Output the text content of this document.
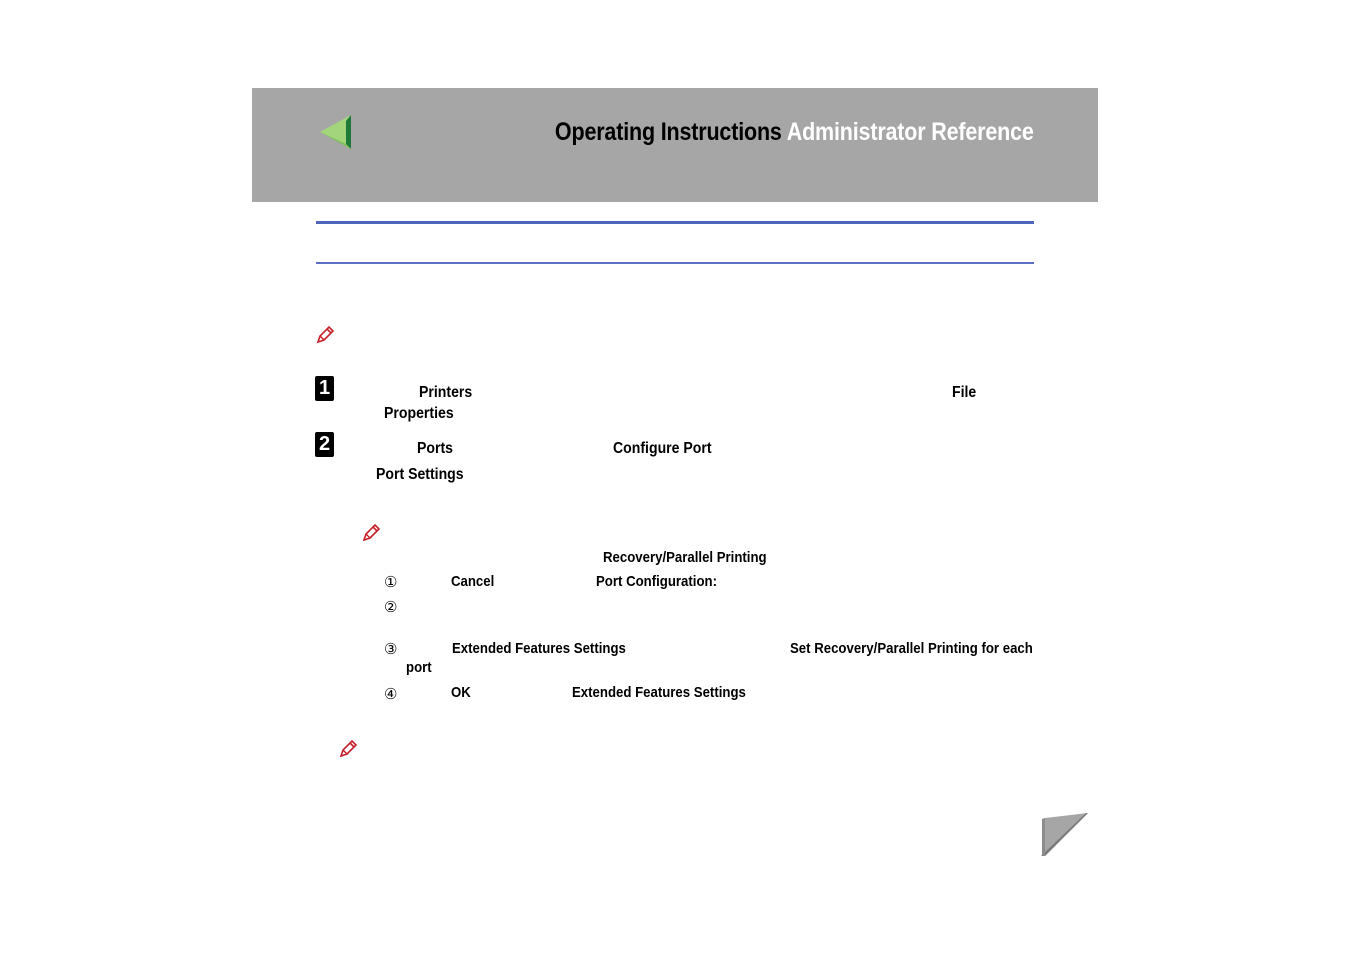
Operating Instructions Administrator Reference
1	Printers	File
Properties
2	Ports	Configure Port
Port Settings
Recovery/Parallel Printing
①	Cancel	Port Configuration:
②
③	Extended Features Settings	Set Recovery/Parallel Printing for each
port
④	OK	Extended Features Settings
